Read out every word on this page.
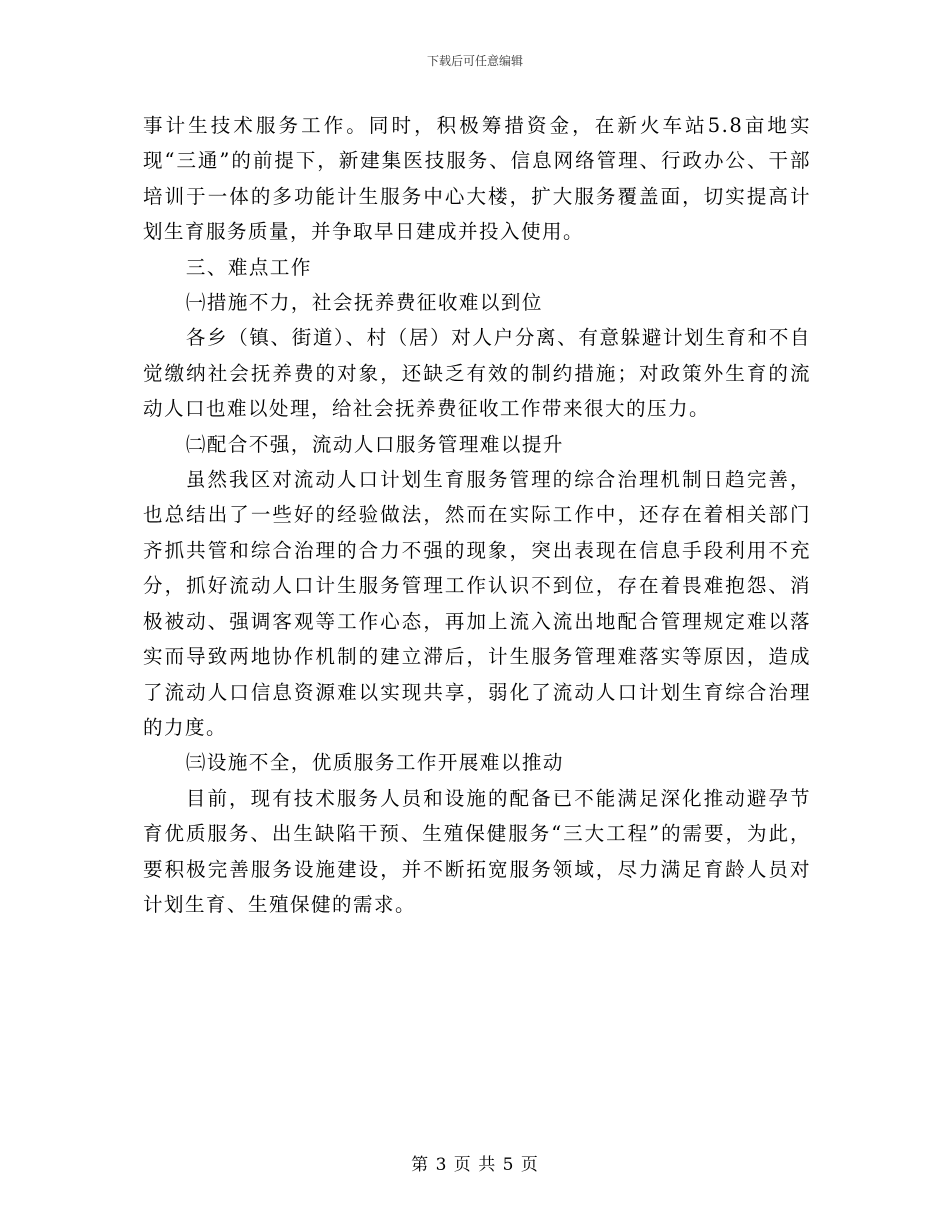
下载后可任意编辑

事计生技术服务工作。同时，积极筹措资金，在新火车站5.8亩地实现“三通”的前提下，新建集医技服务、信息网络管理、行政办公、干部培训于一体的多功能计生服务中心大楼，扩大服务覆盖面，切实提高计划生育服务质量，并争取早日建成并投入使用。

三、难点工作

㈠措施不力，社会抚养费征收难以到位

各乡（镇、街道）、村（居）对人户分离、有意躲避计划生育和不自觉缴纳社会抚养费的对象，还缺乏有效的制约措施；对政策外生育的流动人口也难以处理，给社会抚养费征收工作带来很大的压力。

㈡配合不强，流动人口服务管理难以提升

虽然我区对流动人口计划生育服务管理的综合治理机制日趋完善，也总结出了一些好的经验做法，然而在实际工作中，还存在着相关部门齐抓共管和综合治理的合力不强的现象，突出表现在信息手段利用不充分，抓好流动人口计生服务管理工作认识不到位，存在着畏难抱怨、消极被动、强调客观等工作心态，再加上流入流出地配合管理规定难以落实而导致两地协作机制的建立滞后，计生服务管理难落实等原因，造成了流动人口信息资源难以实现共享，弱化了流动人口计划生育综合治理的力度。

㈢设施不全，优质服务工作开展难以推动

目前，现有技术服务人员和设施的配备已不能满足深化推动避孕节育优质服务、出生缺陷干预、生殖保健服务“三大工程”的需要，为此，要积极完善服务设施建设，并不断拓宽服务领域，尽力满足育龄人员对计划生育、生殖保健的需求。

第 3 页 共 5 页
